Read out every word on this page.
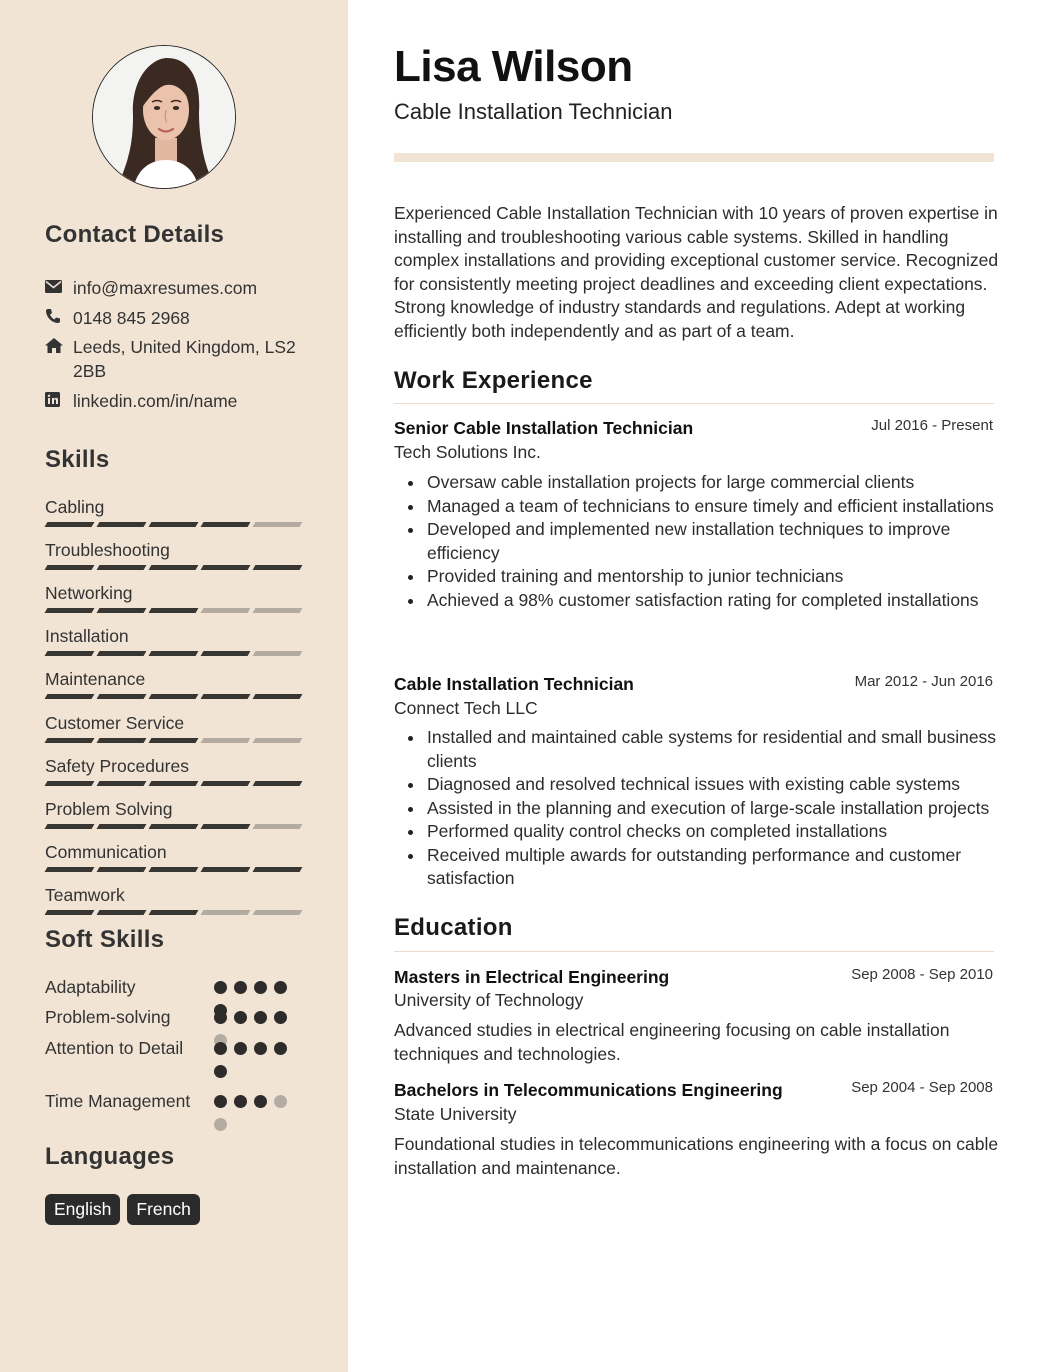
Contact Details
info@maxresumes.com
0148 845 2968
Leeds, United Kingdom, LS2 2BB
linkedin.com/in/name
Skills
Cabling
Troubleshooting
Networking
Installation
Maintenance
Customer Service
Safety Procedures
Problem Solving
Communication
Teamwork
Soft Skills
Adaptability
Problem-solving
Attention to Detail
Time Management
Languages
English	French
Lisa Wilson
Cable Installation Technician
Experienced Cable Installation Technician with 10 years of proven expertise in installing and troubleshooting various cable systems. Skilled in handling complex installations and providing exceptional customer service. Recognized for consistently meeting project deadlines and exceeding client expectations. Strong knowledge of industry standards and regulations. Adept at working efficiently both independently and as part of a team.
Work Experience
Senior Cable Installation Technician	Jul 2016 - Present
Tech Solutions Inc.
Oversaw cable installation projects for large commercial clients
Managed a team of technicians to ensure timely and efficient installations
Developed and implemented new installation techniques to improve efficiency
Provided training and mentorship to junior technicians
Achieved a 98% customer satisfaction rating for completed installations
Cable Installation Technician	Mar 2012 - Jun 2016
Connect Tech LLC
Installed and maintained cable systems for residential and small business clients
Diagnosed and resolved technical issues with existing cable systems
Assisted in the planning and execution of large-scale installation projects
Performed quality control checks on completed installations
Received multiple awards for outstanding performance and customer satisfaction
Education
Masters in Electrical Engineering	Sep 2008 - Sep 2010
University of Technology
Advanced studies in electrical engineering focusing on cable installation techniques and technologies.
Bachelors in Telecommunications Engineering	Sep 2004 - Sep 2008
State University
Foundational studies in telecommunications engineering with a focus on cable installation and maintenance.
